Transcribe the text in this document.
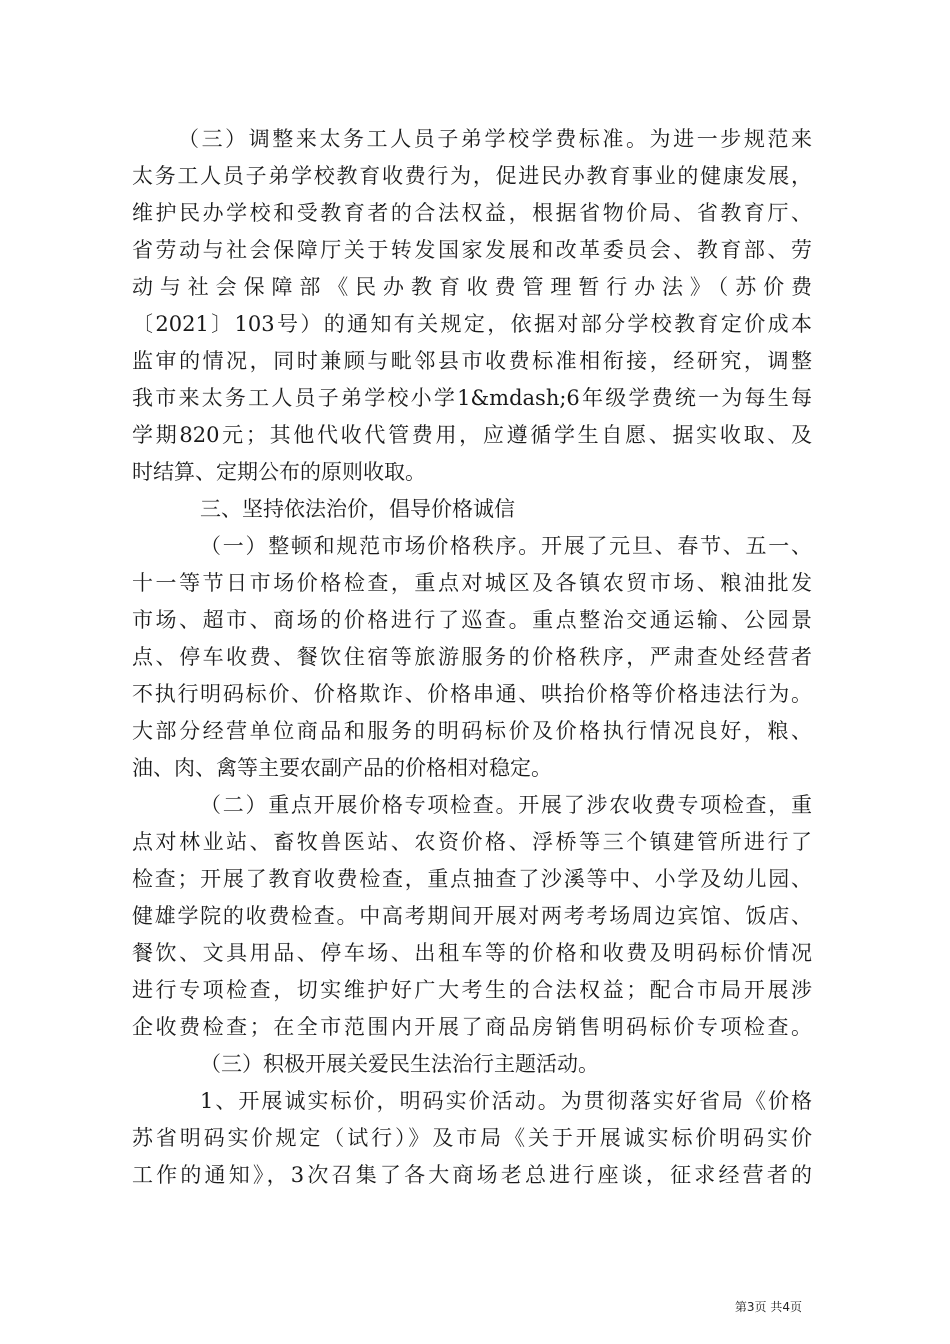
（三）调整来太务工人员子弟学校学费标准。为进一步规范来
太务工人员子弟学校教育收费行为，促进民办教育事业的健康发展，
维护民办学校和受教育者的合法权益，根据省物价局、省教育厅、
省劳动与社会保障厅关于转发国家发展和改革委员会、教育部、劳
动与社会保障部《民办教育收费管理暂行办法》（苏价费
〔2021〕103号）的通知有关规定，依据对部分学校教育定价成本
监审的情况，同时兼顾与毗邻县市收费标准相衔接，经研究，调整
我市来太务工人员子弟学校小学1&mdash;6年级学费统一为每生每
学期820元；其他代收代管费用，应遵循学生自愿、据实收取、及
时结算、定期公布的原则收取。
三、坚持依法治价，倡导价格诚信
（一）整顿和规范市场价格秩序。开展了元旦、春节、五一、
十一等节日市场价格检查，重点对城区及各镇农贸市场、粮油批发
市场、超市、商场的价格进行了巡查。重点整治交通运输、公园景
点、停车收费、餐饮住宿等旅游服务的价格秩序，严肃查处经营者
不执行明码标价、价格欺诈、价格串通、哄抬价格等价格违法行为。
大部分经营单位商品和服务的明码标价及价格执行情况良好，粮、
油、肉、禽等主要农副产品的价格相对稳定。
（二）重点开展价格专项检查。开展了涉农收费专项检查，重
点对林业站、畜牧兽医站、农资价格、浮桥等三个镇建管所进行了
检查；开展了教育收费检查，重点抽查了沙溪等中、小学及幼儿园、
健雄学院的收费检查。中高考期间开展对两考考场周边宾馆、饭店、
餐饮、文具用品、停车场、出租车等的价格和收费及明码标价情况
进行专项检查，切实维护好广大考生的合法权益；配合市局开展涉
企收费检查；在全市范围内开展了商品房销售明码标价专项检查。
（三）积极开展关爱民生法治行主题活动。
1、开展诚实标价，明码实价活动。为贯彻落实好省局《价格
苏省明码实价规定（试行）》及市局《关于开展诚实标价明码实价
工作的通知》，3次召集了各大商场老总进行座谈，征求经营者的
第3页 共4页
